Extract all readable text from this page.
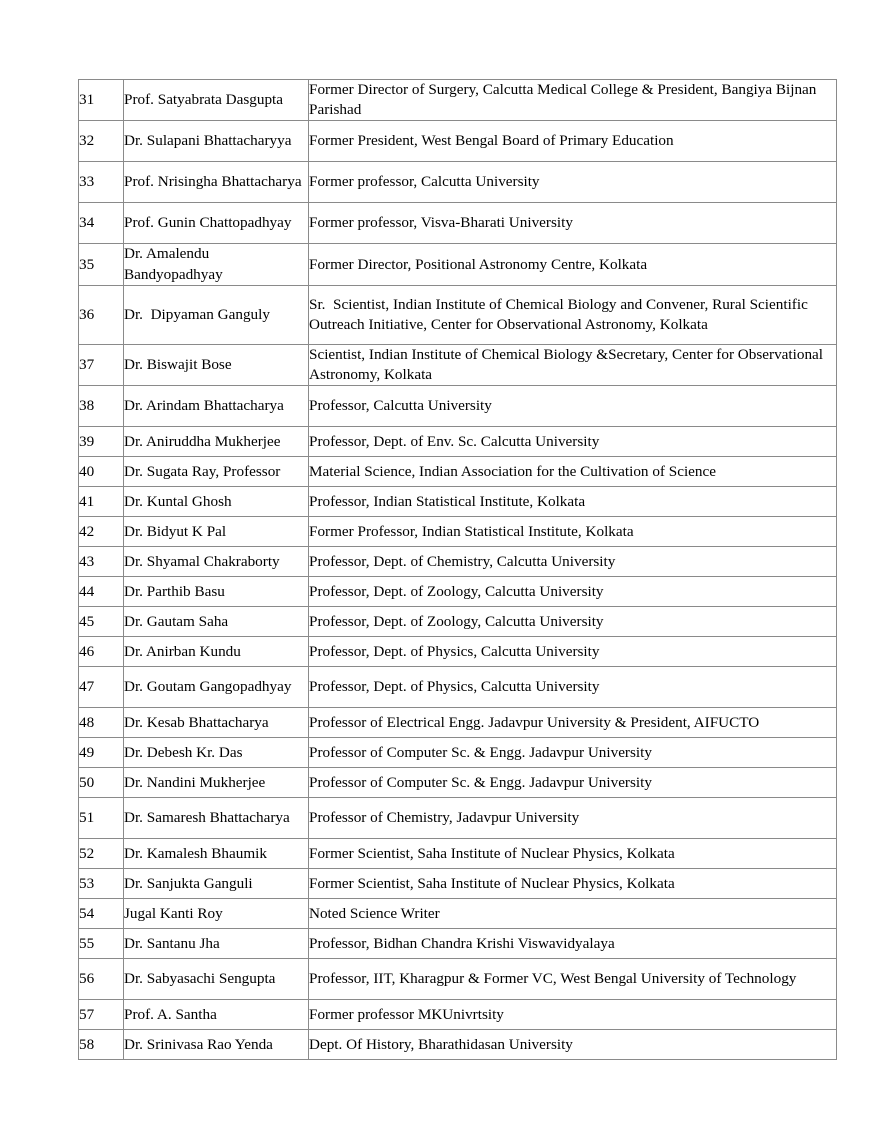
31	Prof. Satyabrata Dasgupta	Former Director of Surgery, Calcutta Medical College & President, Bangiya Bijnan Parishad

32	Dr. Sulapani Bhattacharyya	Former President, West Bengal Board of Primary Education

33	Prof. Nrisingha Bhattacharya	Former professor, Calcutta University

34	Prof. Gunin Chattopadhyay	Former professor, Visva-Bharati University

35	Dr. Amalendu Bandyopadhyay	Former Director, Positional Astronomy Centre, Kolkata

36	Dr.  Dipyaman Ganguly	Sr.  Scientist, Indian Institute of Chemical Biology and Convener, Rural Scientific Outreach Initiative, Center for Observational Astronomy, Kolkata

37	Dr. Biswajit Bose	Scientist, Indian Institute of Chemical Biology &Secretary, Center for Observational Astronomy, Kolkata

38	Dr. Arindam Bhattacharya	Professor, Calcutta University

39	Dr. Aniruddha Mukherjee	Professor, Dept. of Env. Sc. Calcutta University

40	Dr. Sugata Ray, Professor	Material Science, Indian Association for the Cultivation of Science

41	Dr. Kuntal Ghosh	Professor, Indian Statistical Institute, Kolkata

42	Dr. Bidyut K Pal	Former Professor, Indian Statistical Institute, Kolkata

43	Dr. Shyamal Chakraborty	Professor, Dept. of Chemistry, Calcutta University

44	Dr. Parthib Basu	Professor, Dept. of Zoology, Calcutta University

45	Dr. Gautam Saha	Professor, Dept. of Zoology, Calcutta University

46	Dr. Anirban Kundu	Professor, Dept. of Physics, Calcutta University

47	Dr. Goutam Gangopadhyay	Professor, Dept. of Physics, Calcutta University

48	Dr. Kesab Bhattacharya	Professor of Electrical Engg. Jadavpur University & President, AIFUCTO

49	Dr. Debesh Kr. Das	Professor of Computer Sc. & Engg. Jadavpur University

50	Dr. Nandini Mukherjee	Professor of Computer Sc. & Engg. Jadavpur University

51	Dr. Samaresh Bhattacharya	Professor of Chemistry, Jadavpur University

52	Dr. Kamalesh Bhaumik	Former Scientist, Saha Institute of Nuclear Physics, Kolkata

53	Dr. Sanjukta Ganguli	Former Scientist, Saha Institute of Nuclear Physics, Kolkata

54	Jugal Kanti Roy	Noted Science Writer

55	Dr. Santanu Jha	Professor, Bidhan Chandra Krishi Viswavidyalaya

56	Dr. Sabyasachi Sengupta	Professor, IIT, Kharagpur & Former VC, West Bengal University of Technology

57	Prof. A. Santha	Former professor MKUnivrtsity

58	Dr. Srinivasa Rao Yenda	Dept. Of History, Bharathidasan University
